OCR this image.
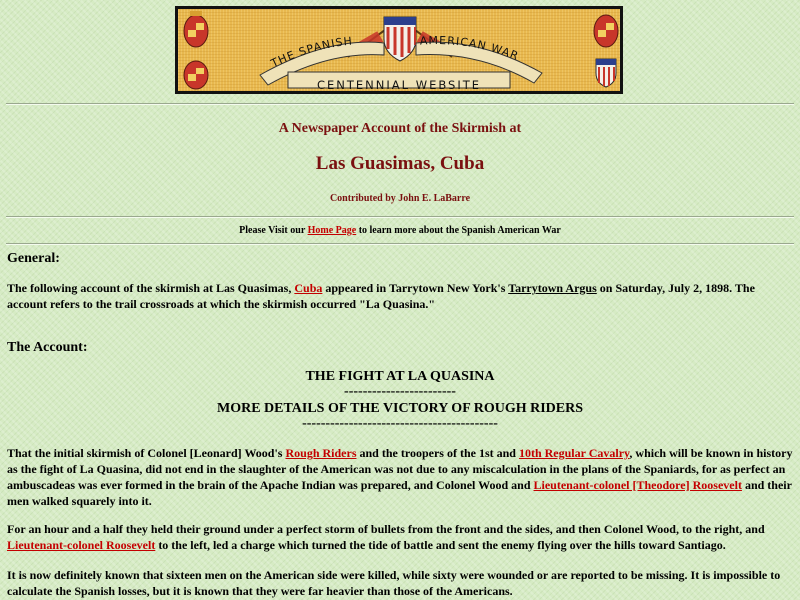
THE SPANISH	AMERICAN WAR
CENTENNIAL WEBSITE
A Newspaper Account of the Skirmish at
Las Guasimas, Cuba
Contributed by John E. LaBarre
Please Visit our Home Page to learn more about the Spanish American War
General:
The following account of the skirmish at Las Quasimas, Cuba appeared in Tarrytown New York's Tarrytown Argus on Saturday, July 2, 1898. The account refers to the trail crossroads at which the skirmish occurred "La Quasina."
The Account:
THE FIGHT AT LA QUASINA
------------------------
MORE DETAILS OF THE VICTORY OF ROUGH RIDERS
------------------------------------------
That the initial skirmish of Colonel [Leonard] Wood's Rough Riders and the troopers of the 1st and 10th Regular Cavalry, which will be known in history as the fight of La Quasina, did not end in the slaughter of the American was not due to any miscalculation in the plans of the Spaniards, for as perfect an ambuscadeas was ever formed in the brain of the Apache Indian was prepared, and Colonel Wood and Lieutenant-colonel [Theodore] Roosevelt and their men walked squarely into it.
For an hour and a half they held their ground under a perfect storm of bullets from the front and the sides, and then Colonel Wood, to the right, and Lieutenant-colonel Roosevelt to the left, led a charge which turned the tide of battle and sent the enemy flying over the hills toward Santiago.
It is now definitely known that sixteen men on the American side were killed, while sixty were wounded or are reported to be missing. It is impossible to calculate the Spanish losses, but it is known that they were far heavier than those of the Americans.
